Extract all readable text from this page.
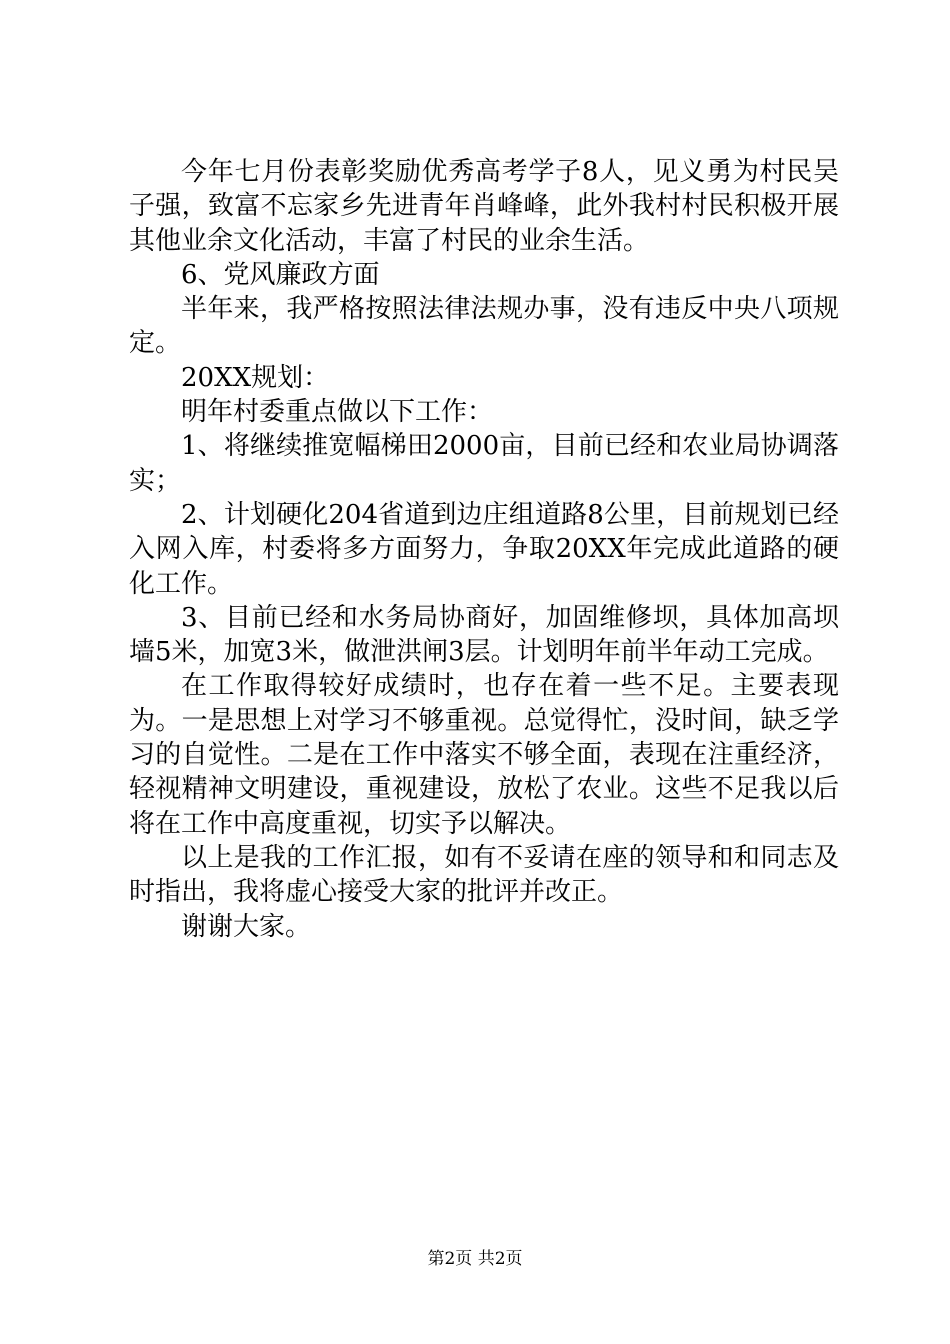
今年七月份表彰奖励优秀高考学子8人，见义勇为村民吴子强，致富不忘家乡先进青年肖峰峰，此外我村村民积极开展其他业余文化活动，丰富了村民的业余生活。

6、党风廉政方面

半年来，我严格按照法律法规办事，没有违反中央八项规定。

20XX规划：

明年村委重点做以下工作：

1、将继续推宽幅梯田2000亩，目前已经和农业局协调落实；

2、计划硬化204省道到边庄组道路8公里，目前规划已经入网入库，村委将多方面努力，争取20XX年完成此道路的硬化工作。

3、目前已经和水务局协商好，加固维修坝，具体加高坝墙5米，加宽3米，做泄洪闸3层。计划明年前半年动工完成。

在工作取得较好成绩时，也存在着一些不足。主要表现为。一是思想上对学习不够重视。总觉得忙，没时间，缺乏学习的自觉性。二是在工作中落实不够全面，表现在注重经济，轻视精神文明建设，重视建设，放松了农业。这些不足我以后将在工作中高度重视，切实予以解决。

以上是我的工作汇报，如有不妥请在座的领导和和同志及时指出，我将虚心接受大家的批评并改正。

谢谢大家。

第2页 共2页
